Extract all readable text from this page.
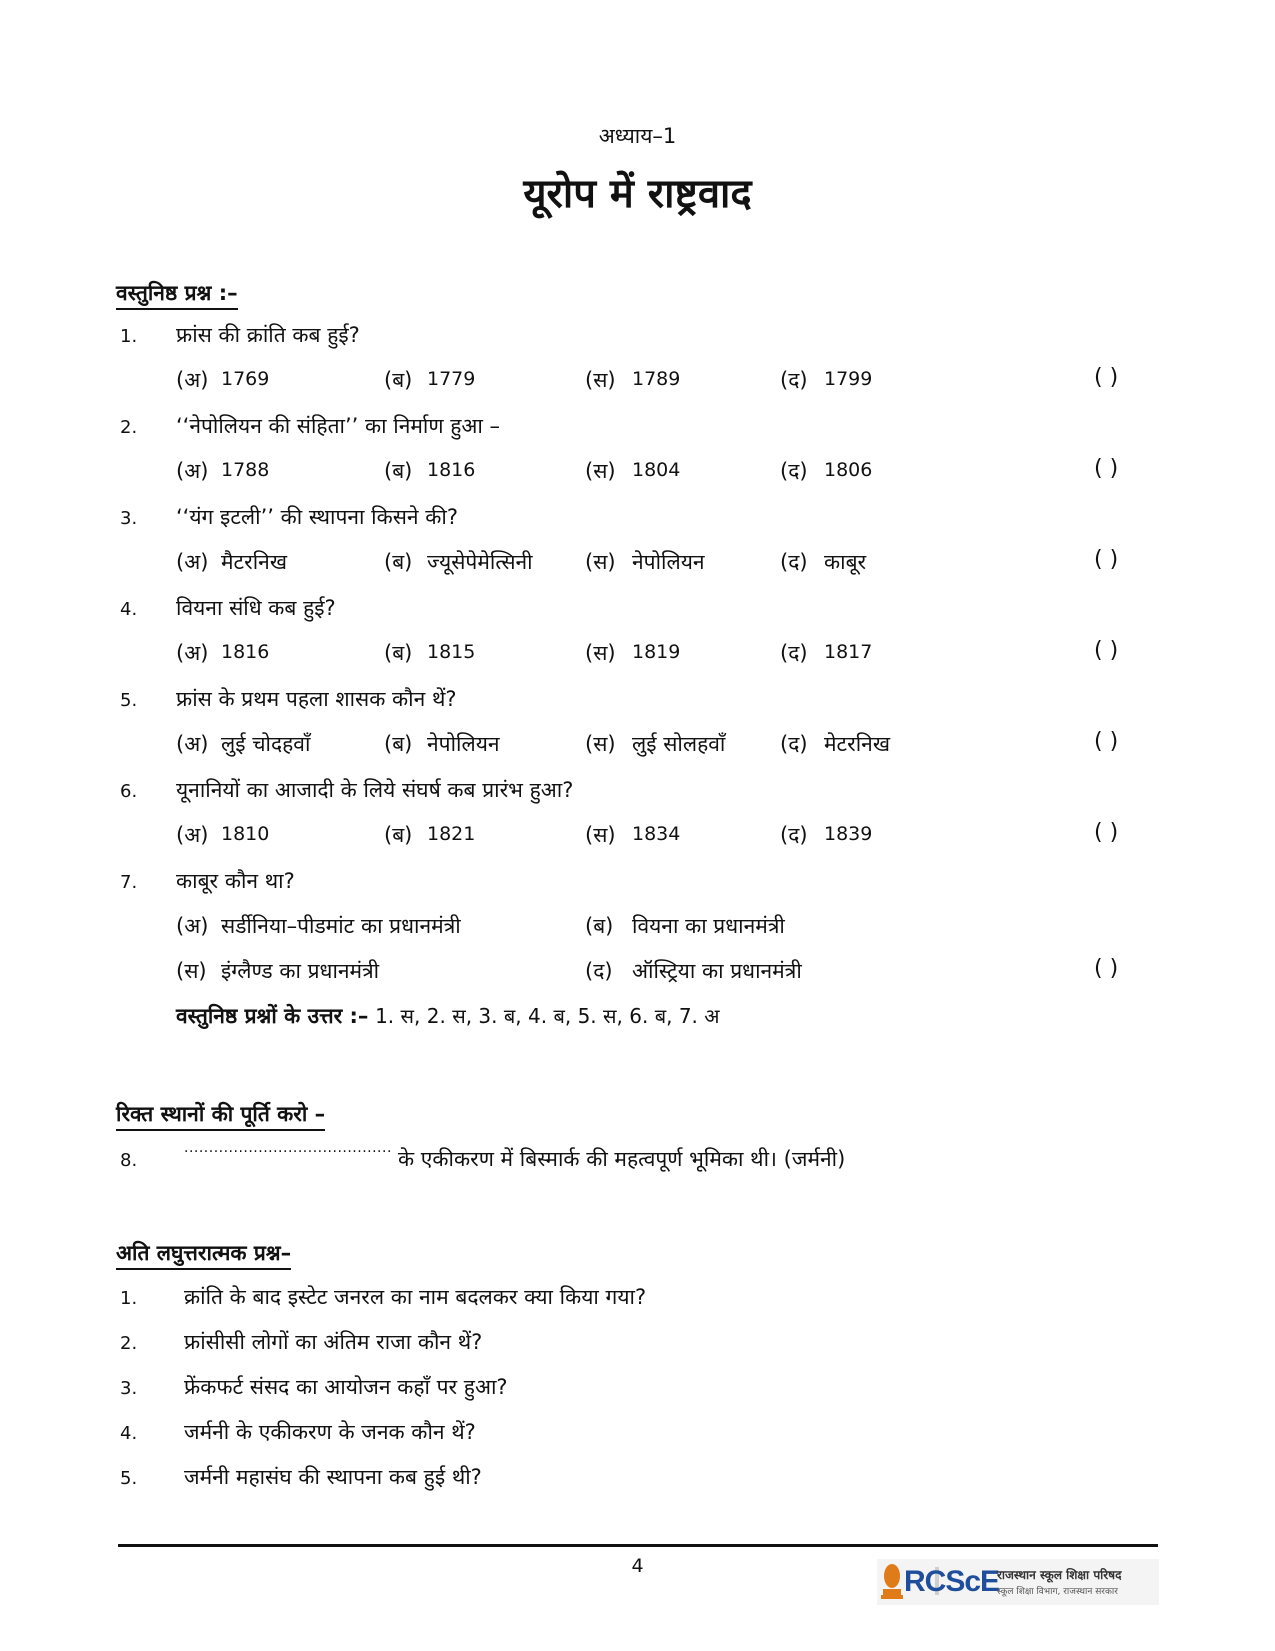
अध्याय–1
यूरोप में राष्ट्रवाद
वस्तुनिष्ठ प्रश्न :–
1. फ्रांस की क्रांति कब हुई?
(अ) 1769	(ब) 1779	(स) 1789	(द) 1799	( )
2. ‘‘नेपोलियन की संहिता’’ का निर्माण हुआ –
(अ) 1788	(ब) 1816	(स) 1804	(द) 1806	( )
3. ‘‘यंग इटली’’ की स्थापना किसने की?
(अ) मैटरनिख	(ब) ज्यूसेपेमेत्सिनी (स) नेपोलियन	(द) काबूर	( )
4. वियना संधि कब हुई?
(अ) 1816	(ब) 1815	(स) 1819	(द) 1817	( )
5. फ्रांस के प्रथम पहला शासक कौन थें?
(अ) लुई चोदहवाँ	(ब) नेपोलियन	(स) लुई सोलहवाँ	(द) मेटरनिख	( )
6. यूनानियों का आजादी के लिये संघर्ष कब प्रारंभ हुआ?
(अ) 1810	(ब) 1821	(स) 1834	(द) 1839	( )
7. काबूर कौन था?
(अ) सर्डीनिया–पीडमांट का प्रधानमंत्री	(ब) वियना का प्रधानमंत्री
(स) इंग्लैण्ड का प्रधानमंत्री	(द) ऑस्ट्रिया का प्रधानमंत्री	( )
वस्तुनिष्ठ प्रश्नों के उत्तर :– 1. स, 2. स, 3. ब, 4. ब, 5. स, 6. ब, 7. अ
रिक्त स्थानों की पूर्ति करो –
8.
.......................................... के एकीकरण में बिस्मार्क की महत्वपूर्ण भूमिका थी। (जर्मनी)
अति लघुत्तरात्मक प्रश्न–
1. क्रांति के बाद इस्टेट जनरल का नाम बदलकर क्या किया गया?
2. फ्रांसीसी लोगों का अंतिम राजा कौन थें?
3. फ्रेंकफर्ट संसद का आयोजन कहाँ पर हुआ?
4. जर्मनी के एकीकरण के जनक कौन थें?
5. जर्मनी महासंघ की स्थापना कब हुई थी?
4	RCScE
राजस्थान स्कूल शिक्षा परिषद
स्कूल शिक्षा विभाग, राजस्थान सरकार
